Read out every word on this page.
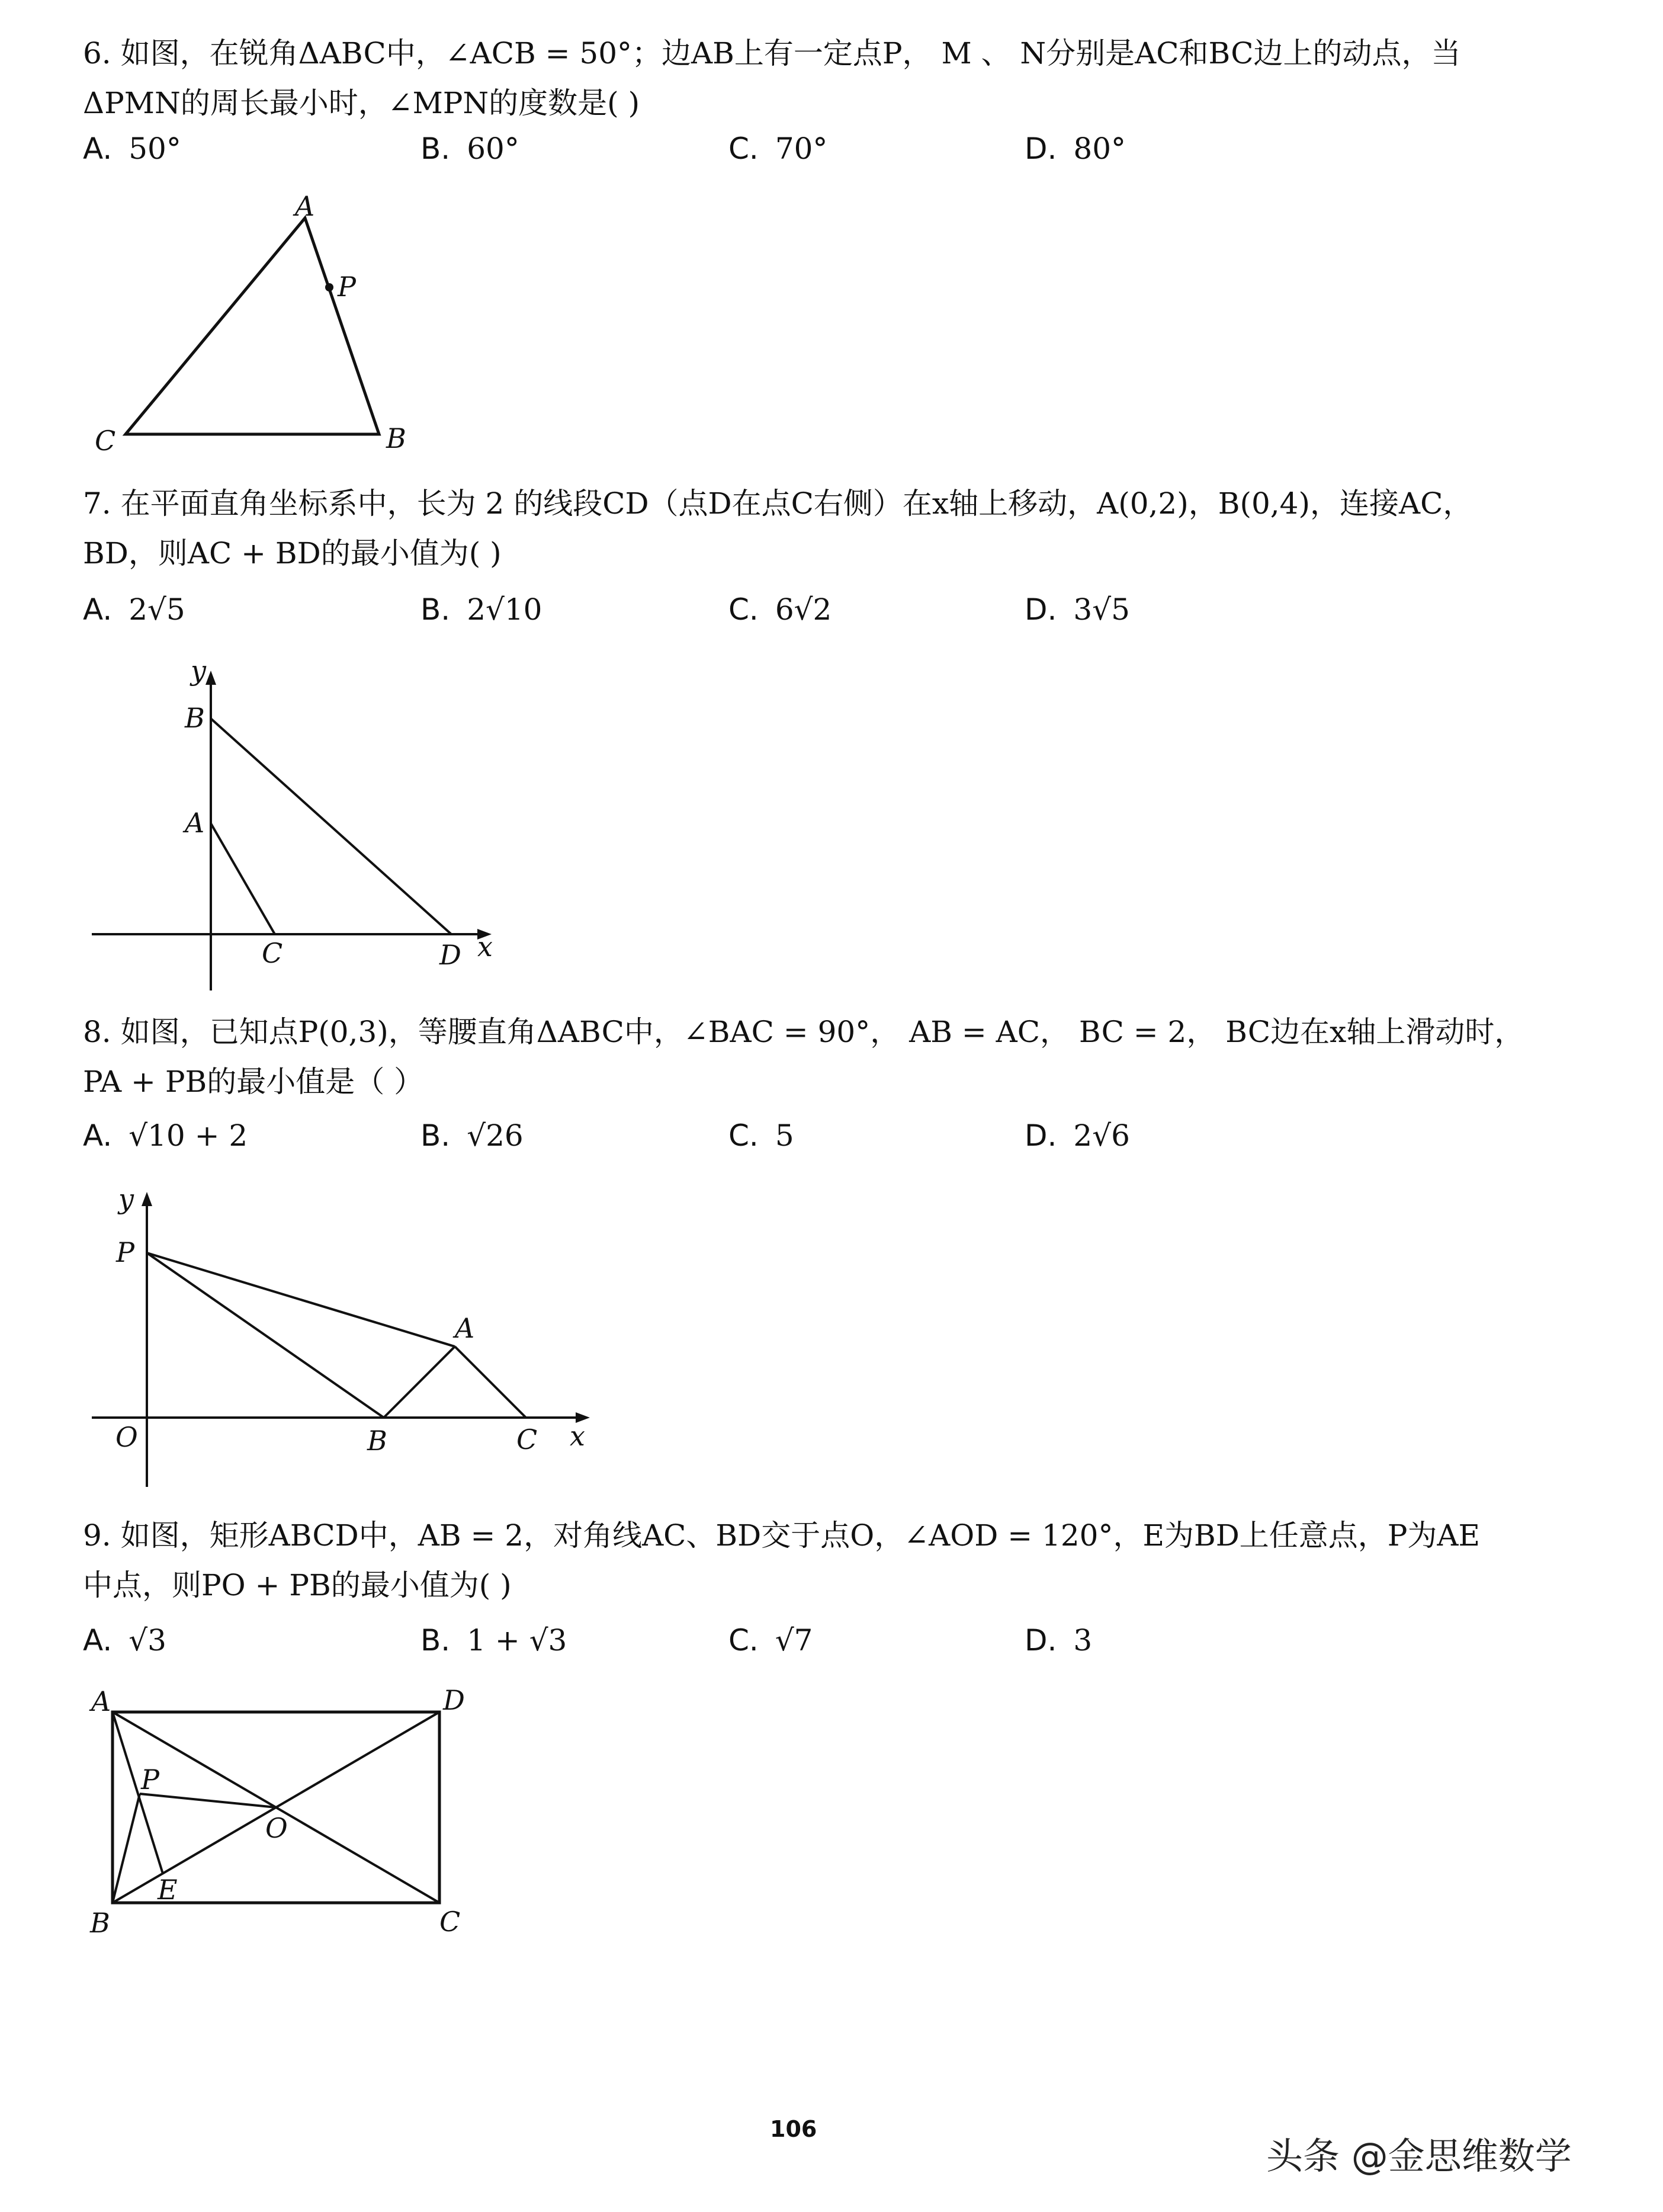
6. 如图，在锐角ΔABC中，∠ACB = 50°；边AB上有一定点P， M 、 N分别是AC和BC边上的动点，当
ΔPMN的周长最小时，∠MPN的度数是( )
A. 50°	B. 60°	C. 70°	D. 80°
A
P
C	B
7. 在平面直角坐标系中，长为 2 的线段CD（点D在点C右侧）在x轴上移动，A(0,2)，B(0,4)，连接AC，
BD，则AC + BD的最小值为( )
A. 2√5	B. 2√10	C. 6√2	D. 3√5
y
B
A
C	D x
8. 如图，已知点P(0,3)，等腰直角ΔABC中，∠BAC = 90°， AB = AC， BC = 2， BC边在x轴上滑动时，
PA + PB的最小值是（ ）
A. √10 + 2	B. √26	C. 5	D. 2√6
y
P
A
O	B	C x
9. 如图，矩形ABCD中，AB = 2，对角线AC、BD交于点O，∠AOD = 120°，E为BD上任意点，P为AE
中点，则PO + PB的最小值为( )
A. √3	B. 1 + √3	C. √7	D. 3
A	D
P
O
E
B	C
106
头条 @金思维数学
